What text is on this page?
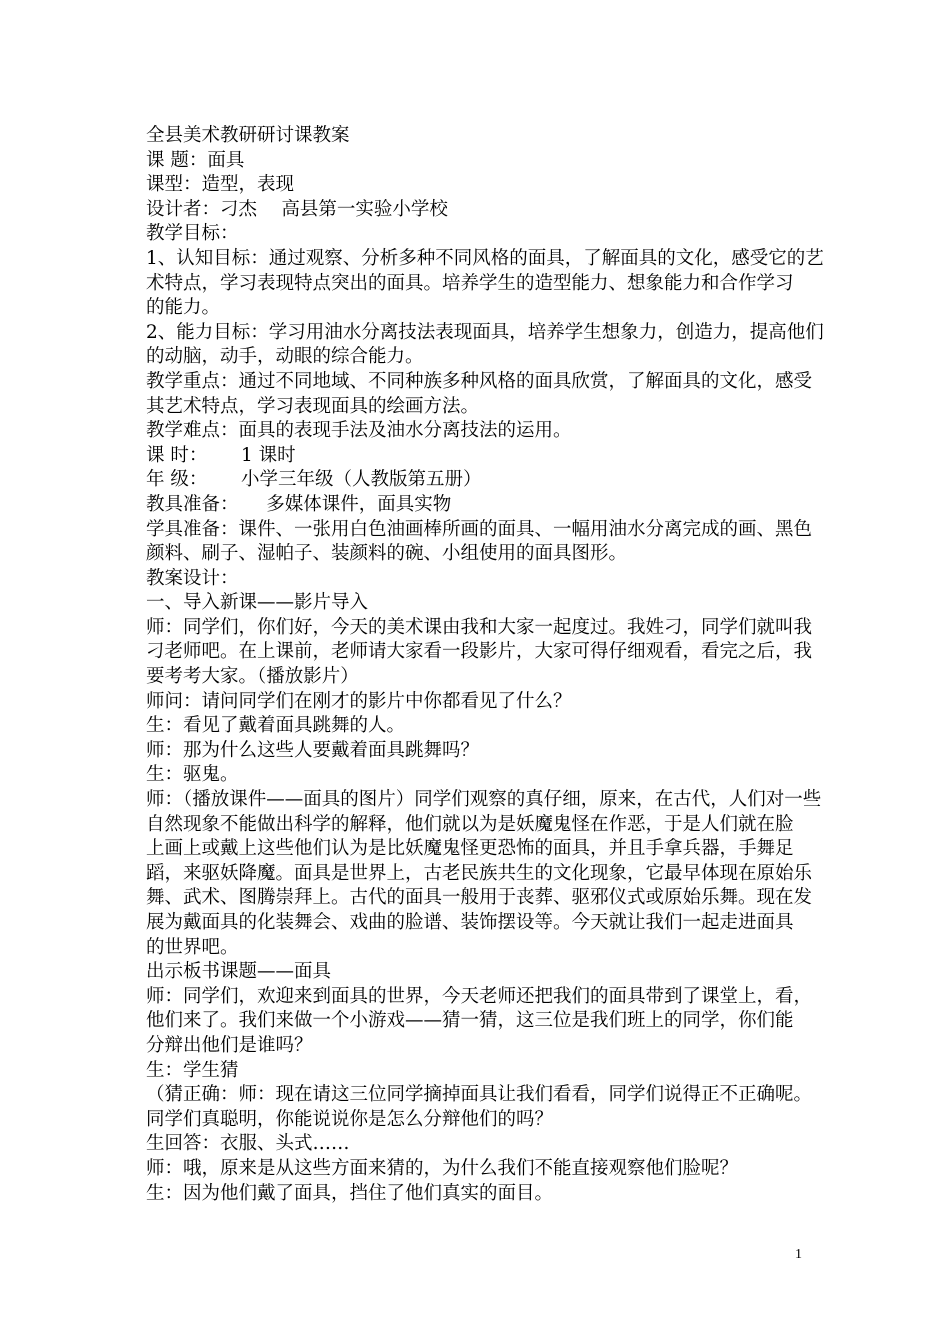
全县美术教研研讨课教案
课 题：面具
课型：造型，表现
设计者：刁杰　 高县第一实验小学校
教学目标：
1、认知目标：通过观察、分析多种不同风格的面具，了解面具的文化，感受它的艺
术特点，学习表现特点突出的面具。培养学生的造型能力、想象能力和合作学习
的能力。
2、能力目标：学习用油水分离技法表现面具，培养学生想象力，创造力，提高他们
的动脑，动手，动眼的综合能力。
教学重点：通过不同地域、不同种族多种风格的面具欣赏，了解面具的文化，感受
其艺术特点，学习表现面具的绘画方法。
教学难点：面具的表现手法及油水分离技法的运用。
课 时：　　 1 课时
年 级：　　 小学三年级（人教版第五册）
教具准备：　　多媒体课件，面具实物
学具准备：课件、一张用白色油画棒所画的面具、一幅用油水分离完成的画、黑色
颜料、刷子、湿帕子、装颜料的碗、小组使用的面具图形。
教案设计：
一、导入新课——影片导入
师：同学们，你们好，今天的美术课由我和大家一起度过。我姓刁，同学们就叫我
刁老师吧。在上课前，老师请大家看一段影片，大家可得仔细观看，看完之后，我
要考考大家。（播放影片）
师问：请问同学们在刚才的影片中你都看见了什么？
生：看见了戴着面具跳舞的人。
师：那为什么这些人要戴着面具跳舞吗？
生：驱鬼。
师：（播放课件——面具的图片）同学们观察的真仔细，原来，在古代，人们对一些
自然现象不能做出科学的解释，他们就以为是妖魔鬼怪在作恶，于是人们就在脸
上画上或戴上这些他们认为是比妖魔鬼怪更恐怖的面具，并且手拿兵器，手舞足
蹈，来驱妖降魔。面具是世界上，古老民族共生的文化现象，它最早体现在原始乐
舞、武术、图腾崇拜上。古代的面具一般用于丧葬、驱邪仪式或原始乐舞。现在发
展为戴面具的化装舞会、戏曲的脸谱、装饰摆设等。今天就让我们一起走进面具
的世界吧。
出示板书课题——面具
师：同学们，欢迎来到面具的世界，今天老师还把我们的面具带到了课堂上，看，
他们来了。我们来做一个小游戏——猜一猜，这三位是我们班上的同学，你们能
分辩出他们是谁吗？
生：学生猜
（猜正确：师：现在请这三位同学摘掉面具让我们看看，同学们说得正不正确呢。
同学们真聪明，你能说说你是怎么分辩他们的吗？
生回答：衣服、头式……
师：哦，原来是从这些方面来猜的，为什么我们不能直接观察他们脸呢？
生：因为他们戴了面具，挡住了他们真实的面目。
1
